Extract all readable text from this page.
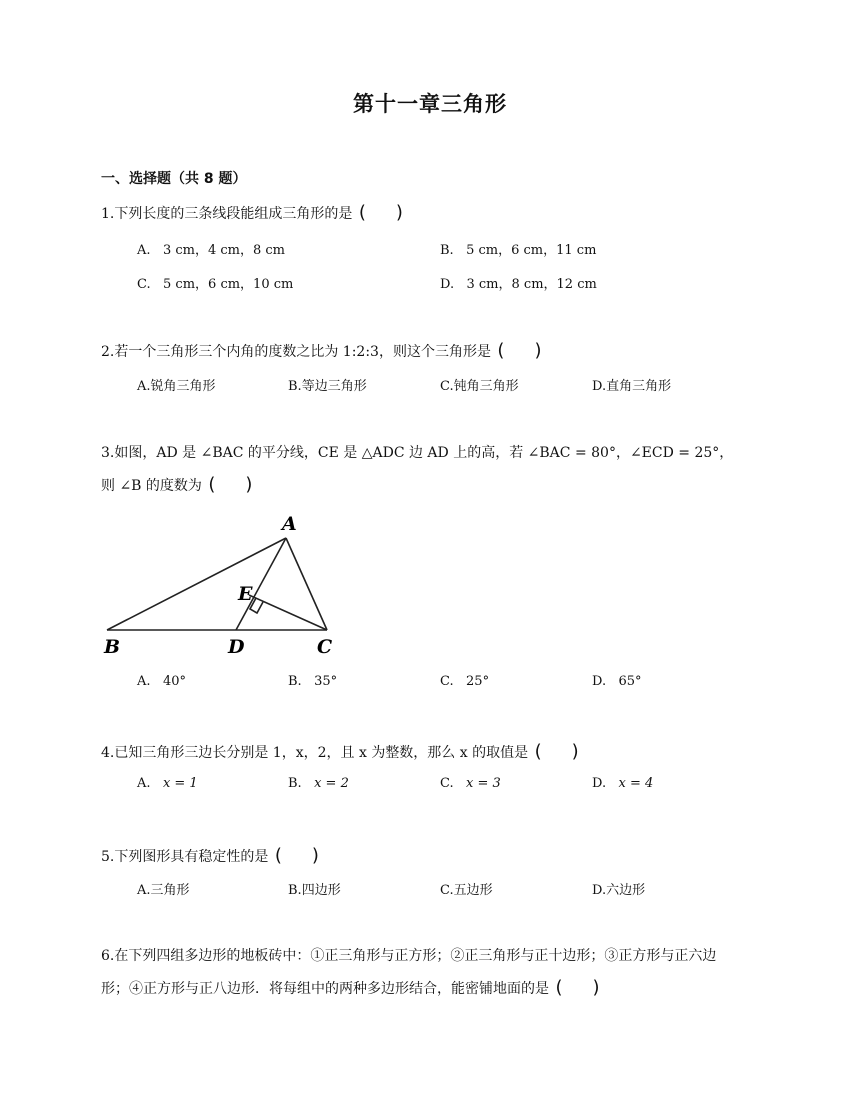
第十一章三角形
一、选择题（共 8 题）
1.下列长度的三条线段能组成三角形的是 ( )
A. 3 cm，4 cm，8 cm	B. 5 cm，6 cm，11 cm
C. 5 cm，6 cm，10 cm	D. 3 cm，8 cm，12 cm
2.若一个三角形三个内角的度数之比为 1:2:3，则这个三角形是 ( )
A.锐角三角形	B.等边三角形	C.钝角三角形	D.直角三角形
3.如图，AD 是 ∠BAC 的平分线，CE 是 △ADC 边 AD 上的高，若 ∠BAC = 80°，∠ECD = 25°，
则 ∠B 的度数为 ( )
A
B	C
D
E
A. 40°	B. 35°	C. 25°	D. 65°
4.已知三角形三边长分别是 1，x，2，且 x 为整数，那么 x 的取值是 ( )
A. x = 1	B. x = 2	C. x = 3	D. x = 4
5.下列图形具有稳定性的是 ( )
A.三角形	B.四边形	C.五边形	D.六边形
6.在下列四组多边形的地板砖中：①正三角形与正方形；②正三角形与正十边形；③正方形与正六边
形；④正方形与正八边形．将每组中的两种多边形结合，能密铺地面的是 ( )
